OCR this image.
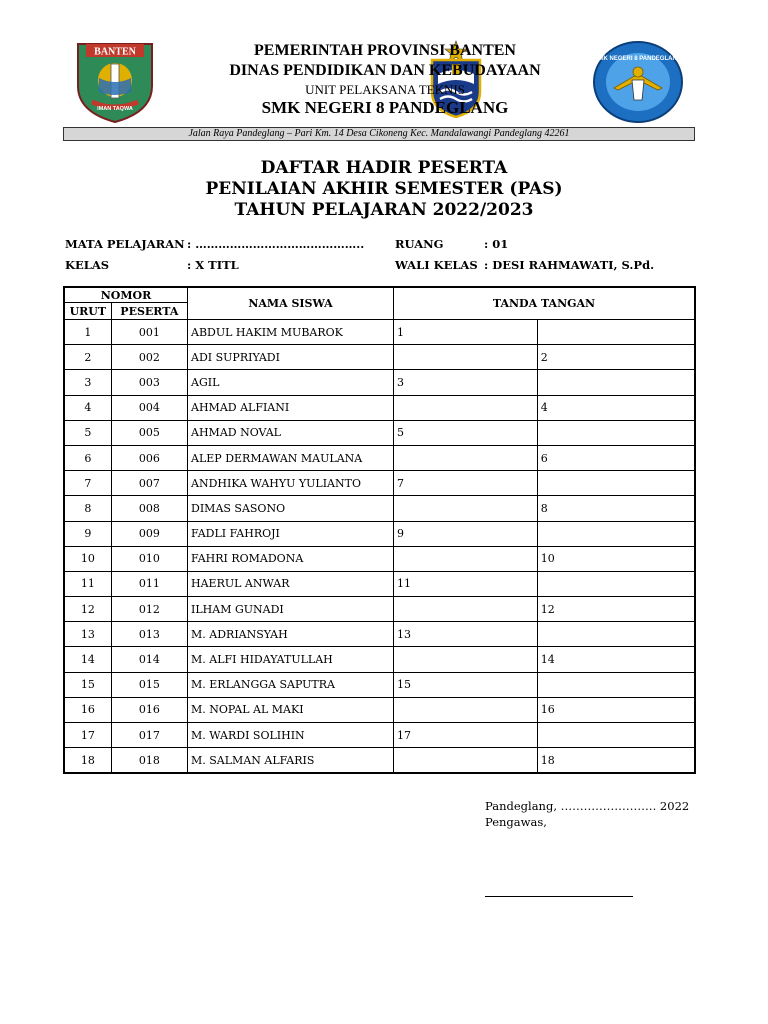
BANTEN
IMAN TAQWA
SMK NEGERI 8 PANDEGLANG
PEMERINTAH PROVINSI BANTEN
DINAS PENDIDIKAN DAN KEBUDAYAAN
UNIT PELAKSANA TEKNIS
SMK NEGERI 8 PANDEGLANG
Jalan Raya Pandeglang – Pari Km. 14 Desa Cikoneng Kec. Mandalawangi Pandeglang 42261
DAFTAR HADIR PESERTA
PENILAIAN AKHIR SEMESTER (PAS)
TAHUN PELAJARAN 2022/2023
MATA PELAJARAN : ……………………………………..
KELAS	: X TITL
RUANG	: 01
WALI KELAS : DESI RAHMAWATI, S.Pd.
NOMOR		NAMA SISWA	TANDA TANGAN	
URUT	PESERTA			
1	001	ABDUL HAKIM MUBAROK	1	
2	002	ADI SUPRIYADI		2
3	003	AGIL	3	
4	004	AHMAD ALFIANI		4
5	005	AHMAD NOVAL	5	
6	006	ALEP DERMAWAN MAULANA		6
7	007	ANDHIKA WAHYU YULIANTO	7	
8	008	DIMAS SASONO		8
9	009	FADLI FAHROJI	9	
10	010	FAHRI ROMADONA		10
11	011	HAERUL ANWAR	11	
12	012	ILHAM GUNADI		12
13	013	M. ADRIANSYAH	13	
14	014	M. ALFI HIDAYATULLAH		14
15	015	M. ERLANGGA SAPUTRA	15	
16	016	M. NOPAL AL MAKI		16
17	017	M. WARDI SOLIHIN	17	
18	018	M. SALMAN ALFARIS		18
Pandeglang, ……………………. 2022
Pengawas,
